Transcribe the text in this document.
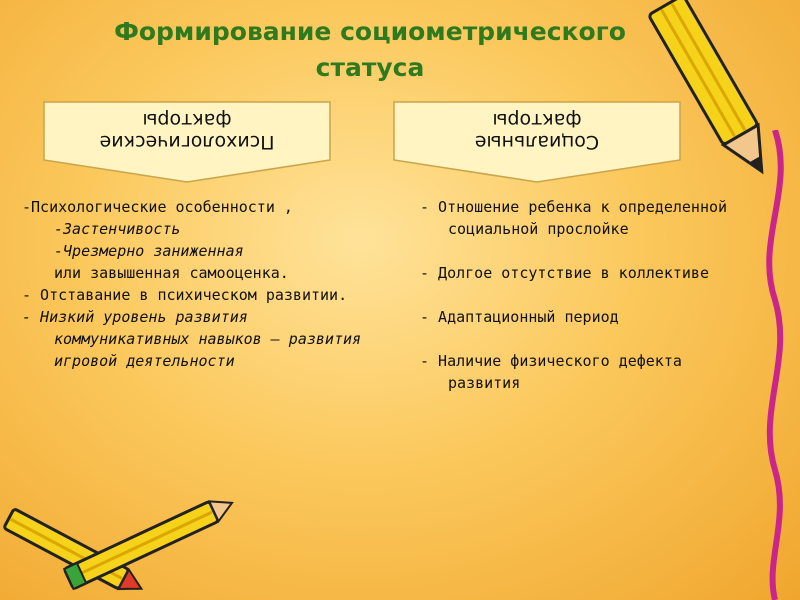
Формирование социометрического
статуса
Психологические
факторы
Социальные
факторы

-Психологические особенности ,

-Застенчивость

-Чрезмерно заниженная

или завышенная самооценка.

- Отставание в психическом развитии.

- Низкий уровень развития коммуникативных навыков – развития игровой деятельности

- Отношение ребенка к определенной социальной прослойке

- Долгое отсутствие в коллективе

- Адаптационный период

- Наличие физического дефекта развития
